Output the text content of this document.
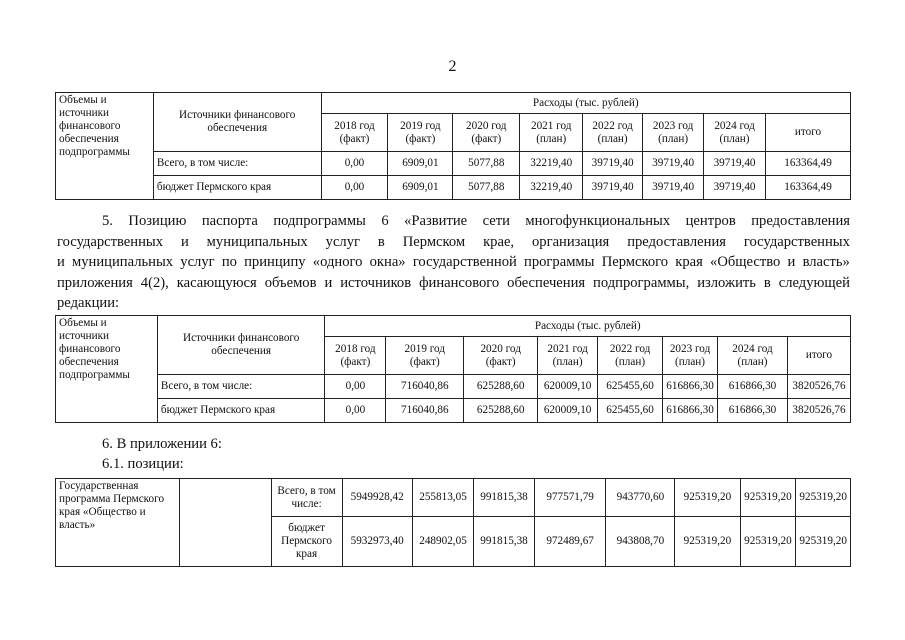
2
Объемы и источники финансового обеспечения подпрограммы	Источники финансового обеспечения	Расходы (тыс. рублей)							
		2018 год (факт)	2019 год (факт)	2020 год (факт)	2021 год (план)	2022 год (план)	2023 год (план)	2024 год (план)	итого
	Всего, в том числе:	0,00	6909,01	5077,88	32219,40	39719,40	39719,40	39719,40	163364,49
	бюджет Пермского края	0,00	6909,01	5077,88	32219,40	39719,40	39719,40	39719,40	163364,49
5. Позицию паспорта подпрограммы 6 «Развитие сети многофункциональных центров предоставления
государственных и муниципальных услуг в Пермском крае, организация предоставления государственных
и муниципальных услуг по принципу «одного окна» государственной программы Пермского края «Общество и власть»
приложения 4(2), касающуюся объемов и источников финансового обеспечения подпрограммы, изложить в следующей
редакции:
Объемы и источники финансового обеспечения подпрограммы	Источники финансового обеспечения	Расходы (тыс. рублей)							
		2018 год (факт)	2019 год (факт)	2020 год (факт)	2021 год (план)	2022 год (план)	2023 год (план)	2024 год (план)	итого
	Всего, в том числе:	0,00	716040,86	625288,60	620009,10	625455,60	616866,30	616866,30	3820526,76
	бюджет Пермского края	0,00	716040,86	625288,60	620009,10	625455,60	616866,30	616866,30	3820526,76
6. В приложении 6:
6.1. позиции:
Государственная программа Пермского края «Общество и власть»		Всего, в том числе:	5949928,42	255813,05	991815,38	977571,79	943770,60	925319,20	925319,20	925319,20
		бюджет Пермского края	5932973,40	248902,05	991815,38	972489,67	943808,70	925319,20	925319,20	925319,20
